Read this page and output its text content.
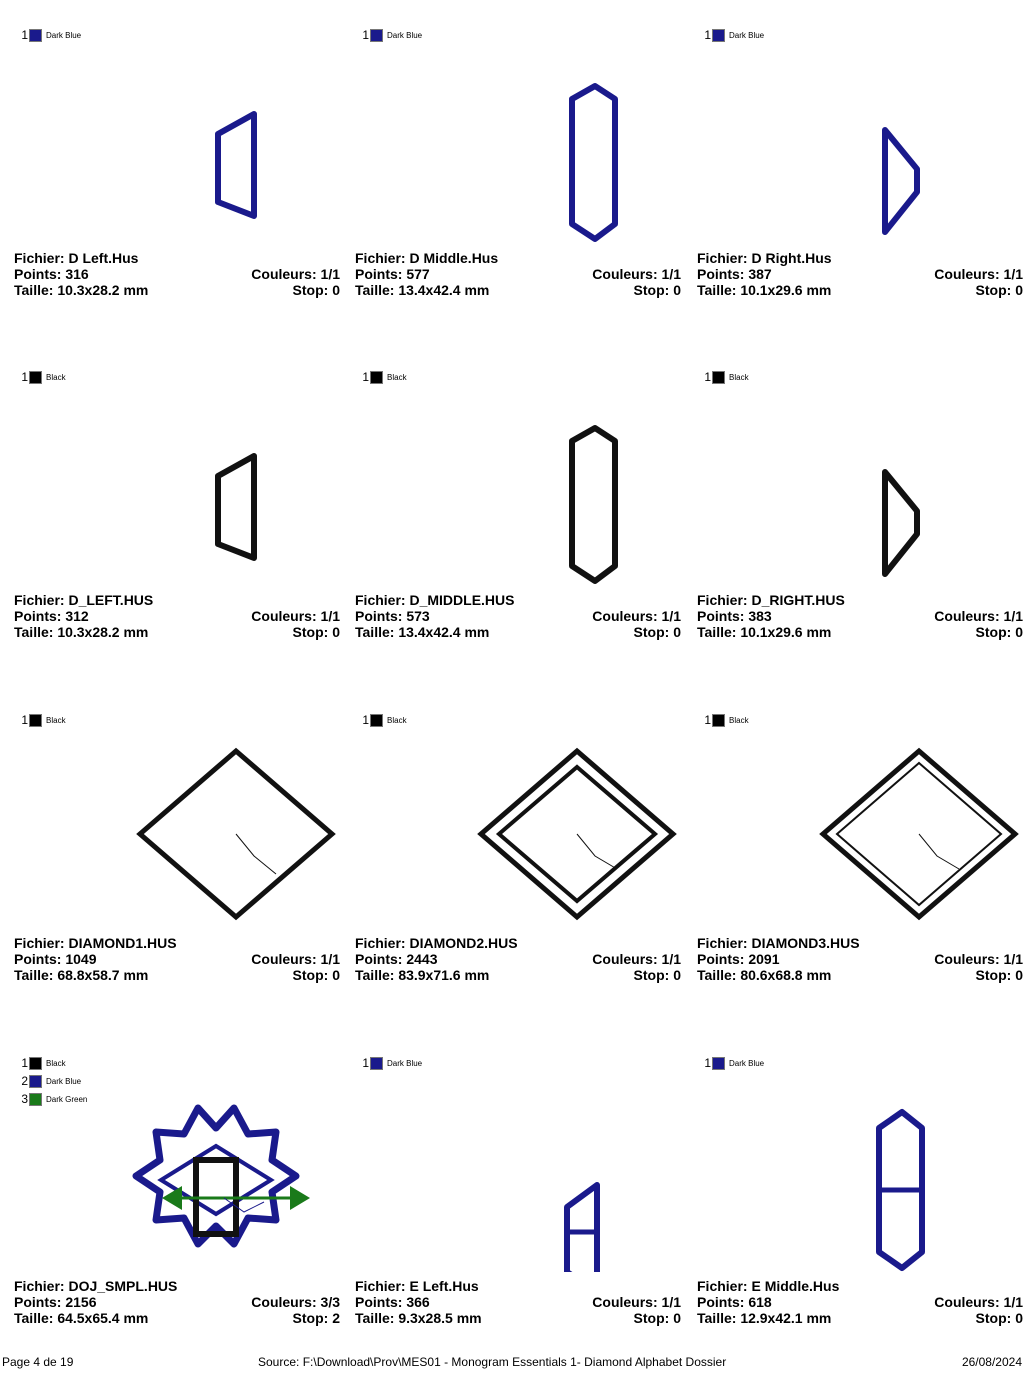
1 Dark Blue
Fichier: D Left.Hus
Points: 316	Couleurs: 1/1
Taille: 10.3x28.2 mm	Stop: 0
1 Dark Blue
Fichier: D Middle.Hus
Points: 577	Couleurs: 1/1
Taille: 13.4x42.4 mm	Stop: 0
1 Dark Blue
Fichier: D Right.Hus
Points: 387	Couleurs: 1/1
Taille: 10.1x29.6 mm	Stop: 0
1 Black
Fichier: D_LEFT.HUS
Points: 312	Couleurs: 1/1
Taille: 10.3x28.2 mm	Stop: 0
1 Black
Fichier: D_MIDDLE.HUS
Points: 573	Couleurs: 1/1
Taille: 13.4x42.4 mm	Stop: 0
1 Black
Fichier: D_RIGHT.HUS
Points: 383	Couleurs: 1/1
Taille: 10.1x29.6 mm	Stop: 0
1 Black
Fichier: DIAMOND1.HUS
Points: 1049	Couleurs: 1/1
Taille: 68.8x58.7 mm	Stop: 0
1 Black
Fichier: DIAMOND2.HUS
Points: 2443	Couleurs: 1/1
Taille: 83.9x71.6 mm	Stop: 0
1 Black
Fichier: DIAMOND3.HUS
Points: 2091	Couleurs: 1/1
Taille: 80.6x68.8 mm	Stop: 0
1 Black
2 Dark Blue
3 Dark Green
Fichier: DOJ_SMPL.HUS
Points: 2156	Couleurs: 3/3
Taille: 64.5x65.4 mm	Stop: 2
1 Dark Blue
Fichier: E Left.Hus
Points: 366	Couleurs: 1/1
Taille: 9.3x28.5 mm	Stop: 0
1 Dark Blue
Fichier: E Middle.Hus
Points: 618	Couleurs: 1/1
Taille: 12.9x42.1 mm	Stop: 0
Page 4 de 19	Source: F:\Download\Prov\MES01 - Monogram Essentials 1- Diamond Alphabet Dossier	26/08/2024
